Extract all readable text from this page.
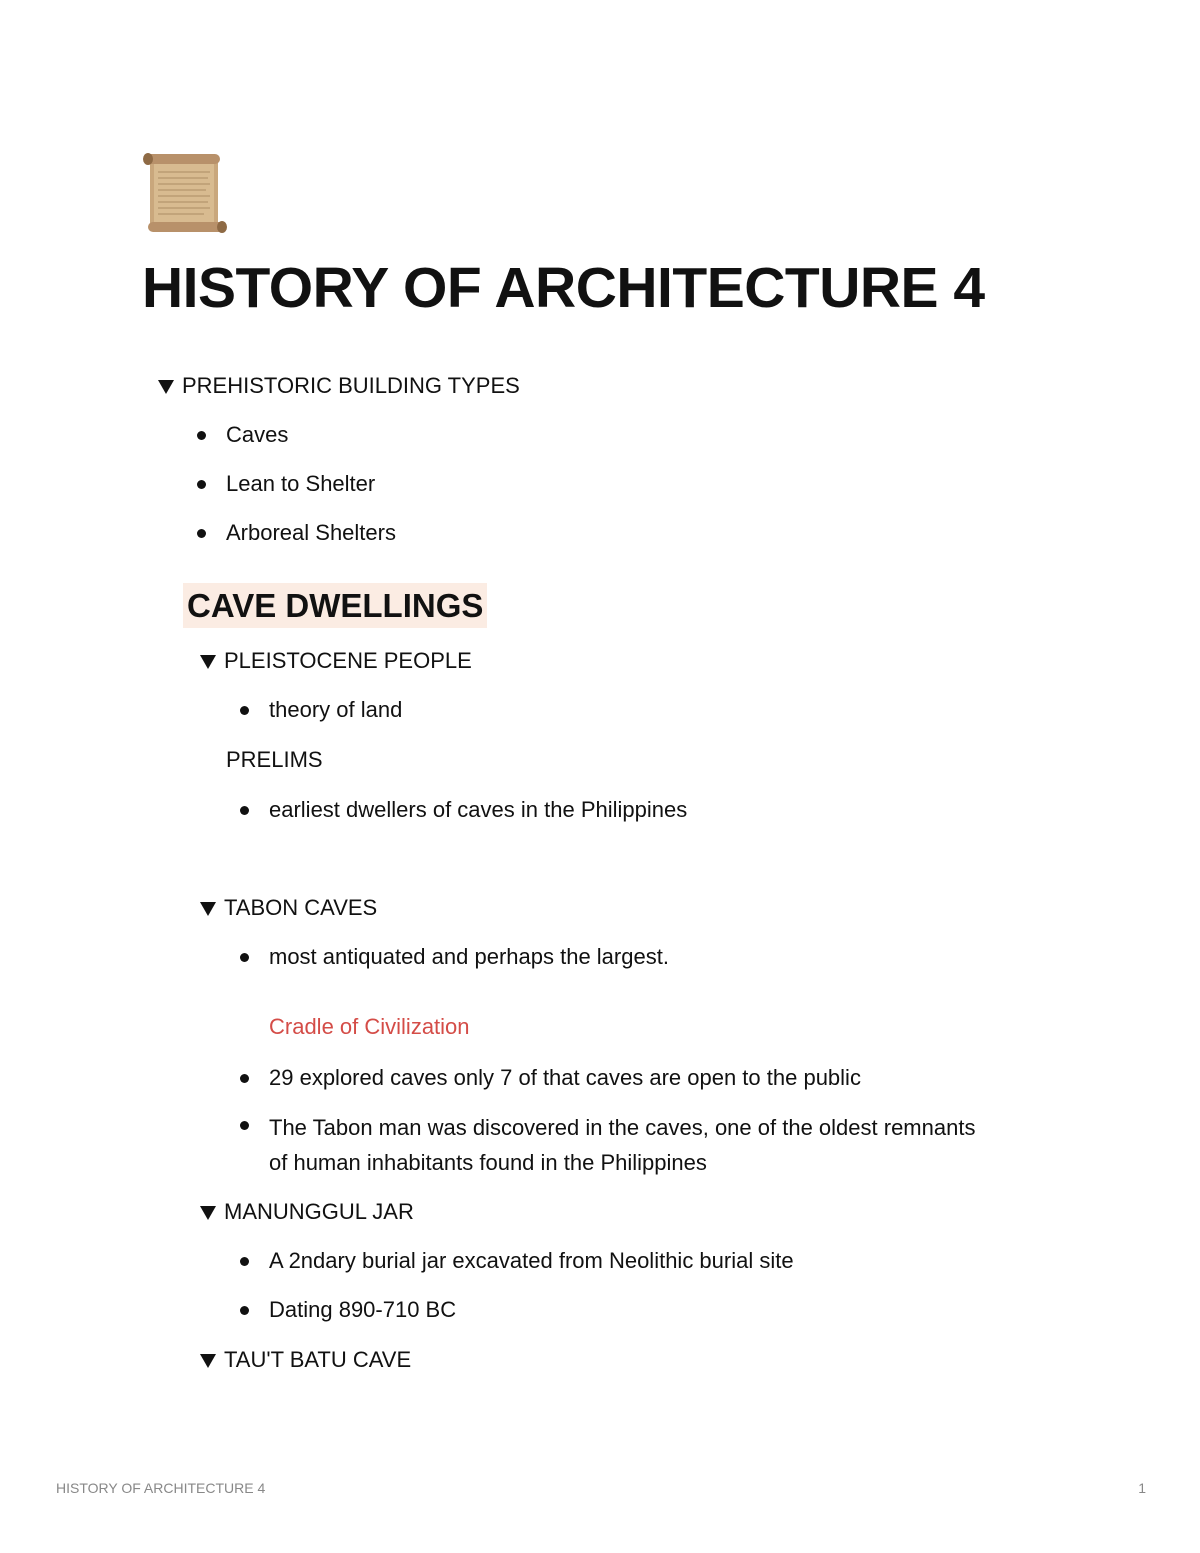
HISTORY OF ARCHITECTURE 4
PREHISTORIC BUILDING TYPES
Caves
Lean to Shelter
Arboreal Shelters
CAVE DWELLINGS
PLEISTOCENE PEOPLE
theory of land
PRELIMS
earliest dwellers of caves in the Philippines
TABON CAVES
most antiquated and perhaps the largest.
Cradle of Civilization
29 explored caves only 7 of that caves are open to the public
The Tabon man was discovered in the caves, one of the oldest remnants of human inhabitants found in the Philippines
MANUNGGUL JAR
A 2ndary burial jar excavated from Neolithic burial site
Dating 890-710 BC
TAU'T BATU CAVE
HISTORY OF ARCHITECTURE 4	1
